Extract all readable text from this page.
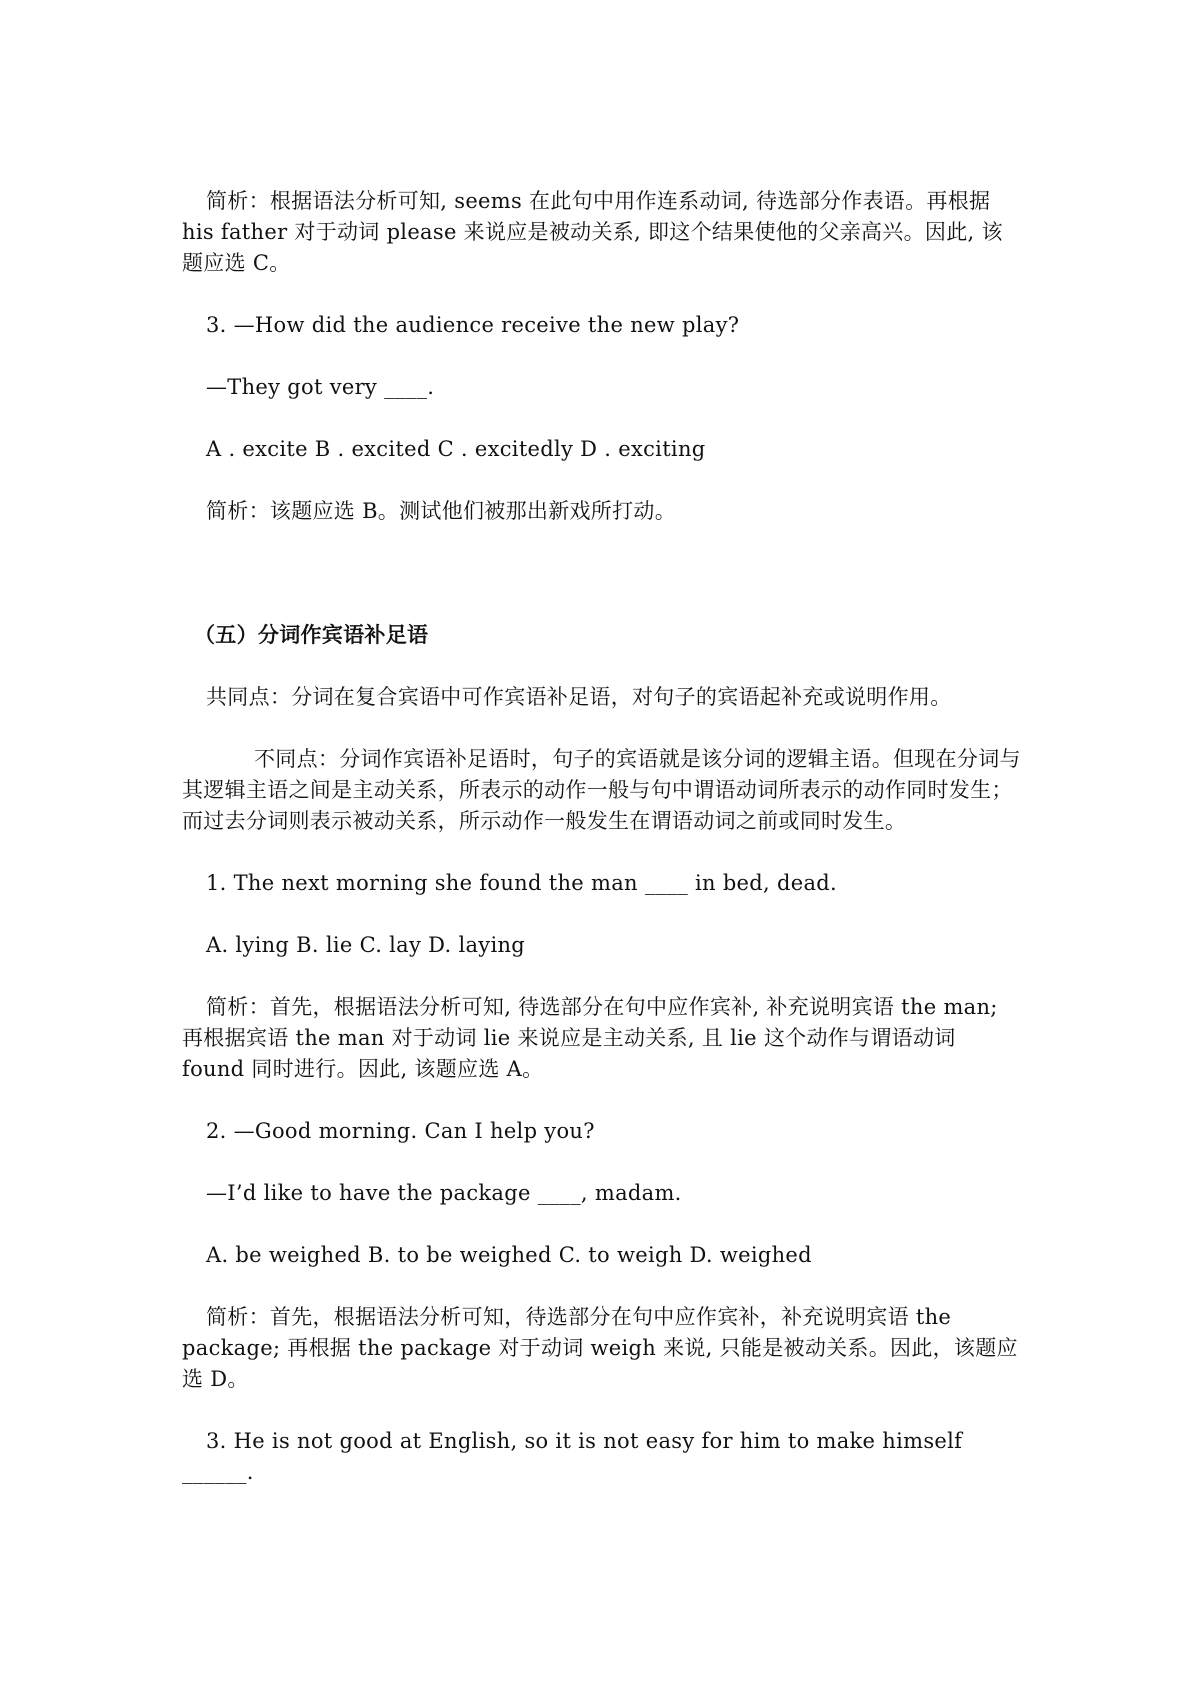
简析：根据语法分析可知, seems 在此句中用作连系动词, 待选部分作表语。再根据 his father 对于动词 please 来说应是被动关系, 即这个结果使他的父亲高兴。因此, 该题应选 C。

3. —How did the audience receive the new play?

—They got very ____.

A . excite B . excited C . excitedly D . exciting

简析：该题应选 B。测试他们被那出新戏所打动。

（五）分词作宾语补足语

共同点：分词在复合宾语中可作宾语补足语，对句子的宾语起补充或说明作用。

不同点：分词作宾语补足语时，句子的宾语就是该分词的逻辑主语。但现在分词与其逻辑主语之间是主动关系，所表示的动作一般与句中谓语动词所表示的动作同时发生；而过去分词则表示被动关系，所示动作一般发生在谓语动词之前或同时发生。

1. The next morning she found the man ____ in bed, dead.

A. lying B. lie C. lay D. laying

简析：首先，根据语法分析可知, 待选部分在句中应作宾补, 补充说明宾语 the man; 再根据宾语 the man 对于动词 lie 来说应是主动关系, 且 lie 这个动作与谓语动词 found 同时进行。因此, 该题应选 A。

2. —Good morning. Can I help you?

—I’d like to have the package ____, madam.

A. be weighed B. to be weighed C. to weigh D. weighed

简析：首先，根据语法分析可知，待选部分在句中应作宾补，补充说明宾语 the package; 再根据 the package 对于动词 weigh 来说, 只能是被动关系。因此，该题应选 D。

3. He is not good at English, so it is not easy for him to make himself ______.
